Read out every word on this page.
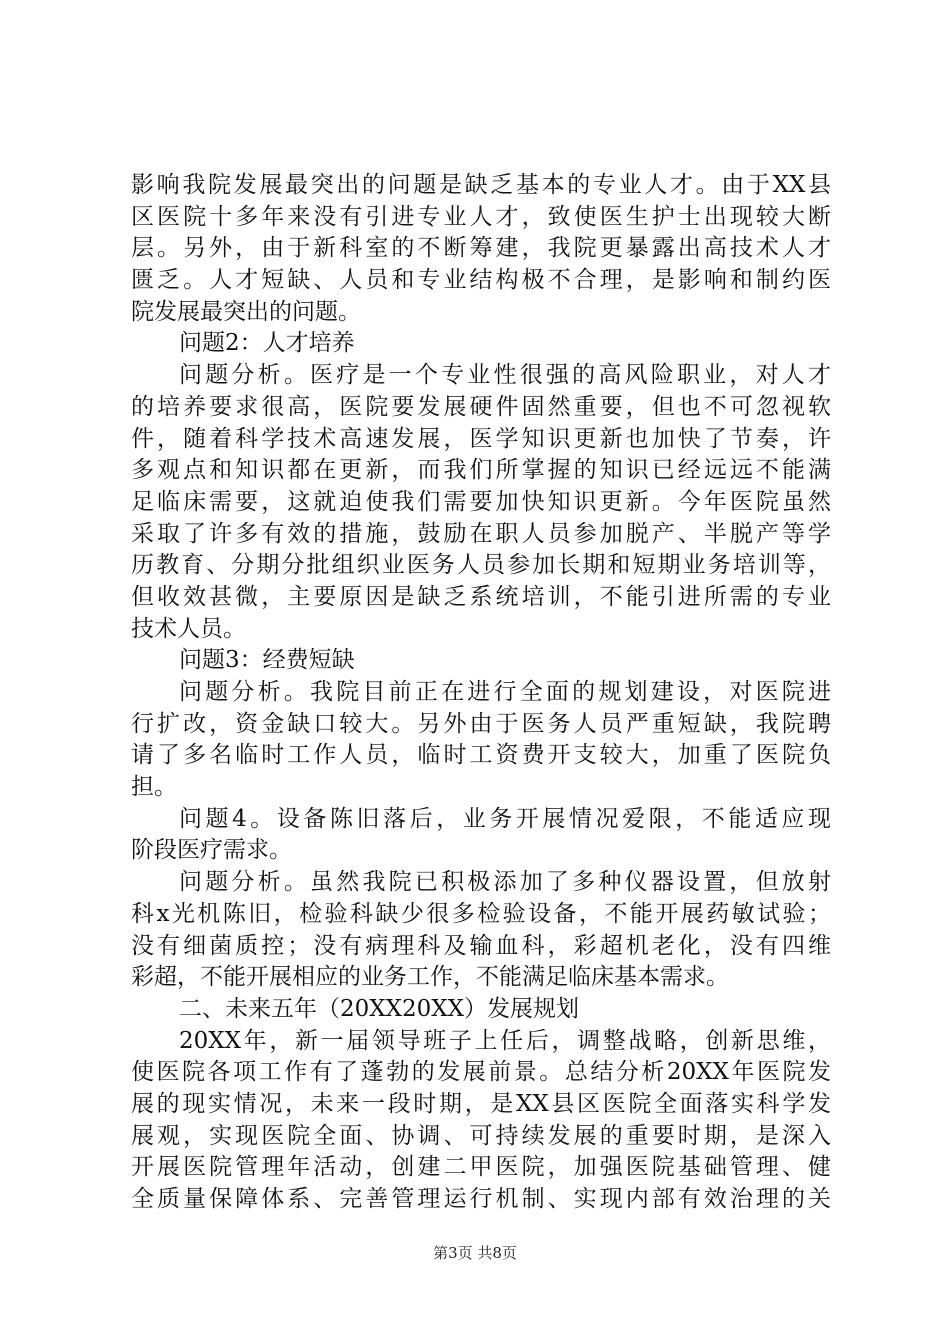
影响我院发展最突出的问题是缺乏基本的专业人才。由于XX县
区医院十多年来没有引进专业人才，致使医生护士出现较大断
层。另外，由于新科室的不断筹建，我院更暴露出高技术人才
匮乏。人才短缺、人员和专业结构极不合理，是影响和制约医
院发展最突出的问题。
问题2：人才培养
问题分析。医疗是一个专业性很强的高风险职业，对人才
的培养要求很高，医院要发展硬件固然重要，但也不可忽视软
件，随着科学技术高速发展，医学知识更新也加快了节奏，许
多观点和知识都在更新，而我们所掌握的知识已经远远不能满
足临床需要，这就迫使我们需要加快知识更新。今年医院虽然
采取了许多有效的措施，鼓励在职人员参加脱产、半脱产等学
历教育、分期分批组织业医务人员参加长期和短期业务培训等，
但收效甚微，主要原因是缺乏系统培训，不能引进所需的专业
技术人员。
问题3：经费短缺
问题分析。我院目前正在进行全面的规划建设，对医院进
行扩改，资金缺口较大。另外由于医务人员严重短缺，我院聘
请了多名临时工作人员，临时工资费开支较大，加重了医院负
担。
问题4。设备陈旧落后，业务开展情况爱限，不能适应现
阶段医疗需求。
问题分析。虽然我院已积极添加了多种仪器设置，但放射
科x光机陈旧，检验科缺少很多检验设备，不能开展药敏试验；
没有细菌质控；没有病理科及输血科，彩超机老化，没有四维
彩超，不能开展相应的业务工作，不能满足临床基本需求。
二、未来五年（20XX20XX）发展规划
20XX年，新一届领导班子上任后，调整战略，创新思维，
使医院各项工作有了蓬勃的发展前景。总结分析20XX年医院发
展的现实情况，未来一段时期，是XX县区医院全面落实科学发
展观，实现医院全面、协调、可持续发展的重要时期，是深入
开展医院管理年活动，创建二甲医院，加强医院基础管理、健
全质量保障体系、完善管理运行机制、实现内部有效治理的关
第3页 共8页
